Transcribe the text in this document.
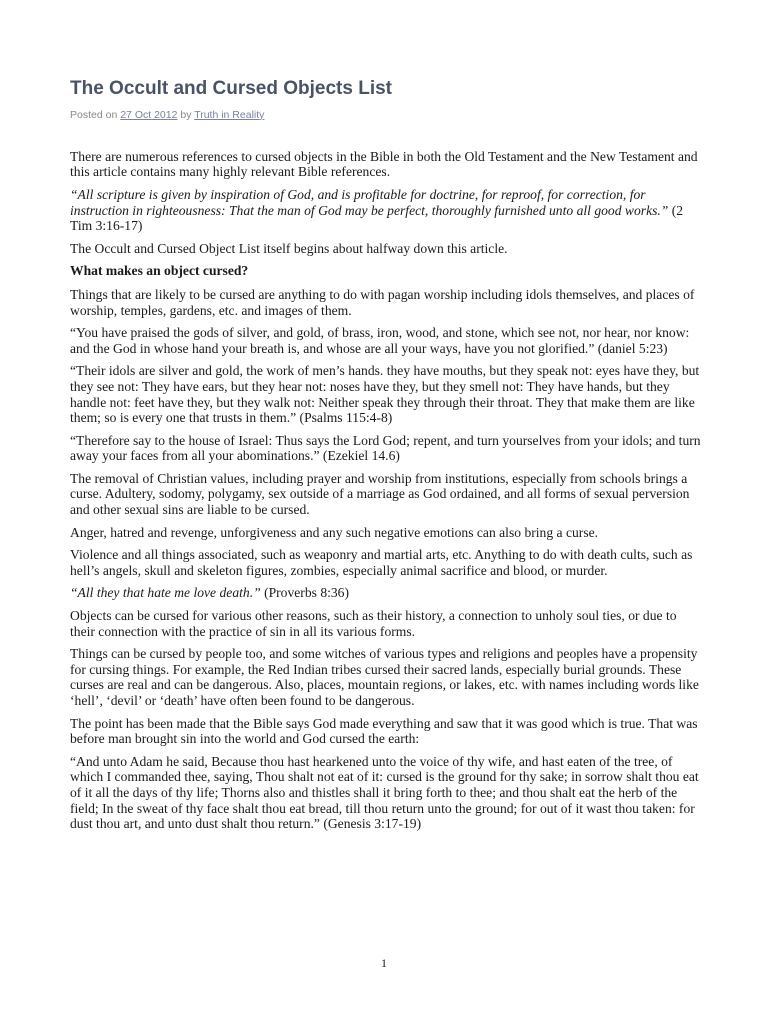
The Occult and Cursed Objects List
Posted on 27 Oct 2012 by Truth in Reality

There are numerous references to cursed objects in the Bible in both the Old Testament and the New Testament and this article contains many highly relevant Bible references.

“All scripture is given by inspiration of God, and is profitable for doctrine, for reproof, for correction, for instruction in righteousness: That the man of God may be perfect, thoroughly furnished unto all good works.” (2 Tim 3:16-17)

The Occult and Cursed Object List itself begins about halfway down this article.

What makes an object cursed?

Things that are likely to be cursed are anything to do with pagan worship including idols themselves, and places of worship, temples, gardens, etc. and images of them.

“You have praised the gods of silver, and gold, of brass, iron, wood, and stone, which see not, nor hear, nor know: and the God in whose hand your breath is, and whose are all your ways, have you not glorified.” (daniel 5:23)

“Their idols are silver and gold, the work of men’s hands. they have mouths, but they speak not: eyes have they, but they see not: They have ears, but they hear not: noses have they, but they smell not: They have hands, but they handle not: feet have they, but they walk not: Neither speak they through their throat. They that make them are like them; so is every one that trusts in them.” (Psalms 115:4-8)

“Therefore say to the house of Israel: Thus says the Lord God; repent, and turn yourselves from your idols; and turn away your faces from all your abominations.” (Ezekiel 14.6)

The removal of Christian values, including prayer and worship from institutions, especially from schools brings a curse. Adultery, sodomy, polygamy, sex outside of a marriage as God ordained, and all forms of sexual perversion and other sexual sins are liable to be cursed.

Anger, hatred and revenge, unforgiveness and any such negative emotions can also bring a curse.

Violence and all things associated, such as weaponry and martial arts, etc. Anything to do with death cults, such as hell’s angels, skull and skeleton figures, zombies, especially animal sacrifice and blood, or murder.

“All they that hate me love death.” (Proverbs 8:36)

Objects can be cursed for various other reasons, such as their history, a connection to unholy soul ties, or due to their connection with the practice of sin in all its various forms.

Things can be cursed by people too, and some witches of various types and religions and peoples have a propensity for cursing things. For example, the Red Indian tribes cursed their sacred lands, especially burial grounds. These curses are real and can be dangerous. Also, places, mountain regions, or lakes, etc. with names including words like ‘hell’, ‘devil’ or ‘death’ have often been found to be dangerous.

The point has been made that the Bible says God made everything and saw that it was good which is true. That was before man brought sin into the world and God cursed the earth:

“And unto Adam he said, Because thou hast hearkened unto the voice of thy wife, and hast eaten of the tree, of which I commanded thee, saying, Thou shalt not eat of it: cursed is the ground for thy sake; in sorrow shalt thou eat of it all the days of thy life; Thorns also and thistles shall it bring forth to thee; and thou shalt eat the herb of the field; In the sweat of thy face shalt thou eat bread, till thou return unto the ground; for out of it wast thou taken: for dust thou art, and unto dust shalt thou return.” (Genesis 3:17-19)

1
